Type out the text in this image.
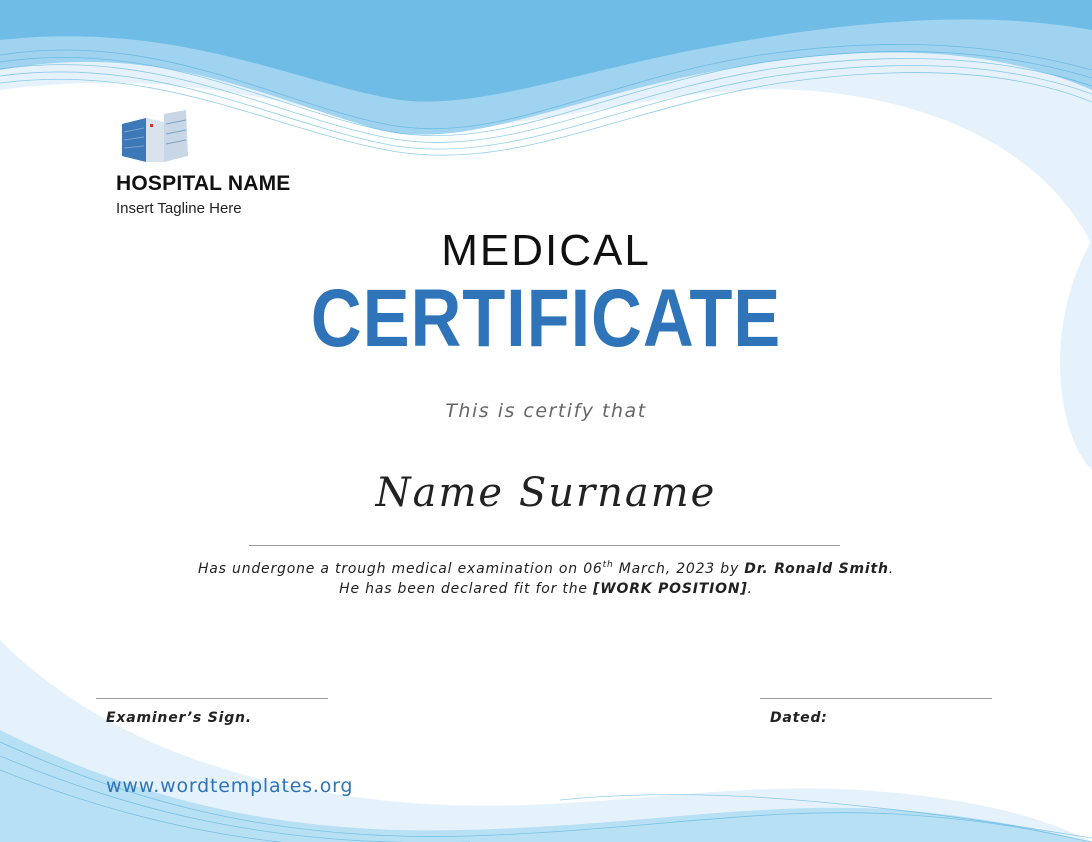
HOSPITAL NAME
Insert Tagline Here
MEDICAL
CERTIFICATE
This is certify that
Name Surname
Has undergone a trough medical examination on 06th March, 2023 by Dr. Ronald Smith.
He has been declared fit for the [WORK POSITION].
Examiner’s Sign.	Dated:
www.wordtemplates.org
